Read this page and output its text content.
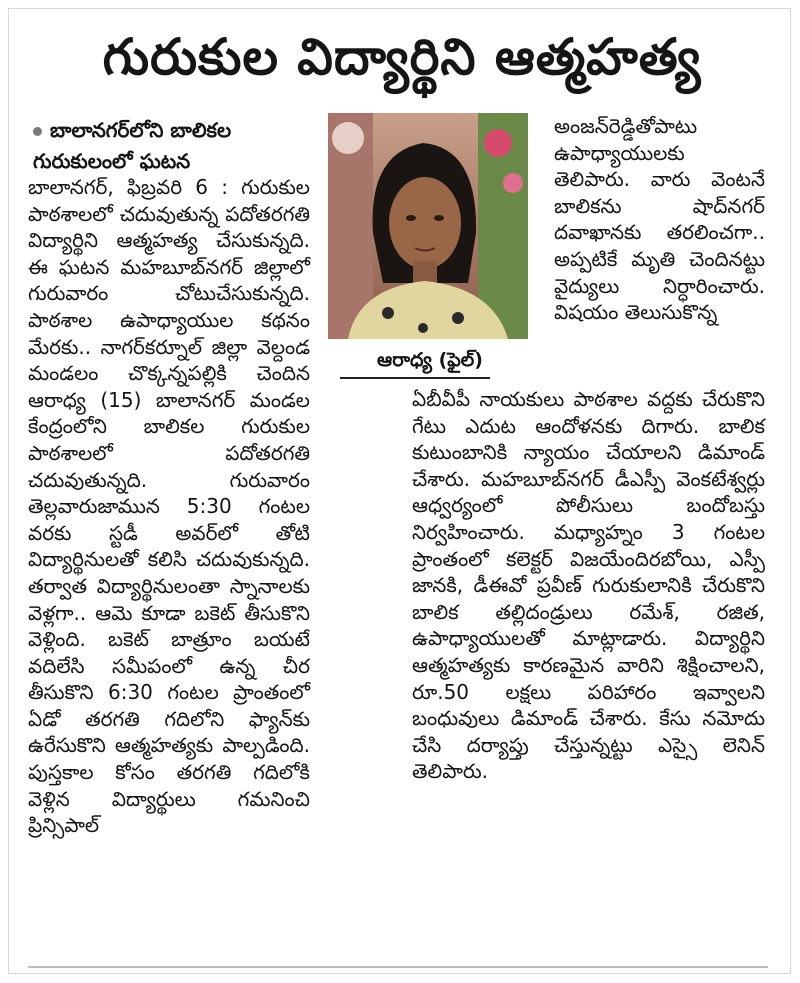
గురుకుల విద్యార్థిని ఆత్మహత్య
బాలానగర్‌లోని బాలికల గురుకులంలో ఘటన
ఆరాధ్య (ఫైల్)

బాలానగర్, ఫిబ్రవరి 6 : గురుకుల పాఠశాలలో చదువుతున్న పదోతరగతి విద్యార్థిని ఆత్మహత్య చేసుకున్నది. ఈ ఘటన మహబూబ్‌నగర్ జిల్లాలో గురువారం చోటుచేసుకున్నది. పాఠశాల ఉపాధ్యాయుల కథనం మేరకు.. నాగర్‌కర్నూల్ జిల్లా వెల్దండ మండలం చొక్కన్నపల్లికి చెందిన ఆరాధ్య (15) బాలానగర్ మండల కేంద్రంలోని బాలికల గురుకుల పాఠశాలలో పదోతరగతి చదువుతున్నది. గురువారం తెల్లవారుజామున 5:30 గంటల వరకు స్టడీ అవర్‌లో తోటి విద్యార్థినులతో కలిసి చదువుకున్నది. తర్వాత విద్యార్థినులంతా స్నానాలకు వెళ్లగా.. ఆమె కూడా బకెట్ తీసుకొని వెళ్లింది. బకెట్ బాత్రూం బయటే వదిలేసి సమీపంలో ఉన్న చీర తీసుకొని 6:30 గంటల ప్రాంతంలో ఏడో తరగతి గదిలోని ఫ్యాన్‌కు ఉరేసుకొని ఆత్మహత్యకు పాల్పడింది. పుస్తకాల కోసం తరగతి గదిలోకి వెళ్లిన విద్యార్థులు గమనించి ప్రిన్సిపాల్

అంజన్‌రెడ్డితోపాటు ఉపాధ్యాయులకు తెలిపారు. వారు వెంటనే బాలికను షాద్‌నగర్ దవాఖానకు తరలించగా.. అప్పటికే మృతి చెందినట్టు వైద్యులు నిర్ధారించారు. విషయం తెలుసుకొన్న

ఏబీవీపీ నాయకులు పాఠశాల వద్దకు చేరుకొని గేటు ఎదుట ఆందోళనకు దిగారు. బాలిక కుటుంబానికి న్యాయం చేయాలని డిమాండ్ చేశారు. మహబూబ్‌నగర్ డీఎస్పీ వెంకటేశ్వర్లు ఆధ్వర్యంలో పోలీసులు బందోబస్తు నిర్వహించారు. మధ్యాహ్నం 3 గంటల ప్రాంతంలో కలెక్టర్ విజయేందిరబోయి, ఎస్పీ జానకి, డీఈవో ప్రవీణ్ గురుకులానికి చేరుకొని బాలిక తల్లిదండ్రులు రమేశ్, రజిత, ఉపాధ్యాయులతో మాట్లాడారు. విద్యార్థిని ఆత్మహత్యకు కారణమైన వారిని శిక్షించాలని, రూ.50 లక్షలు పరిహారం ఇవ్వాలని బంధువులు డిమాండ్ చేశారు. కేసు నమోదు చేసి దర్యాప్తు చేస్తున్నట్టు ఎస్సై లెనిన్ తెలిపారు.
